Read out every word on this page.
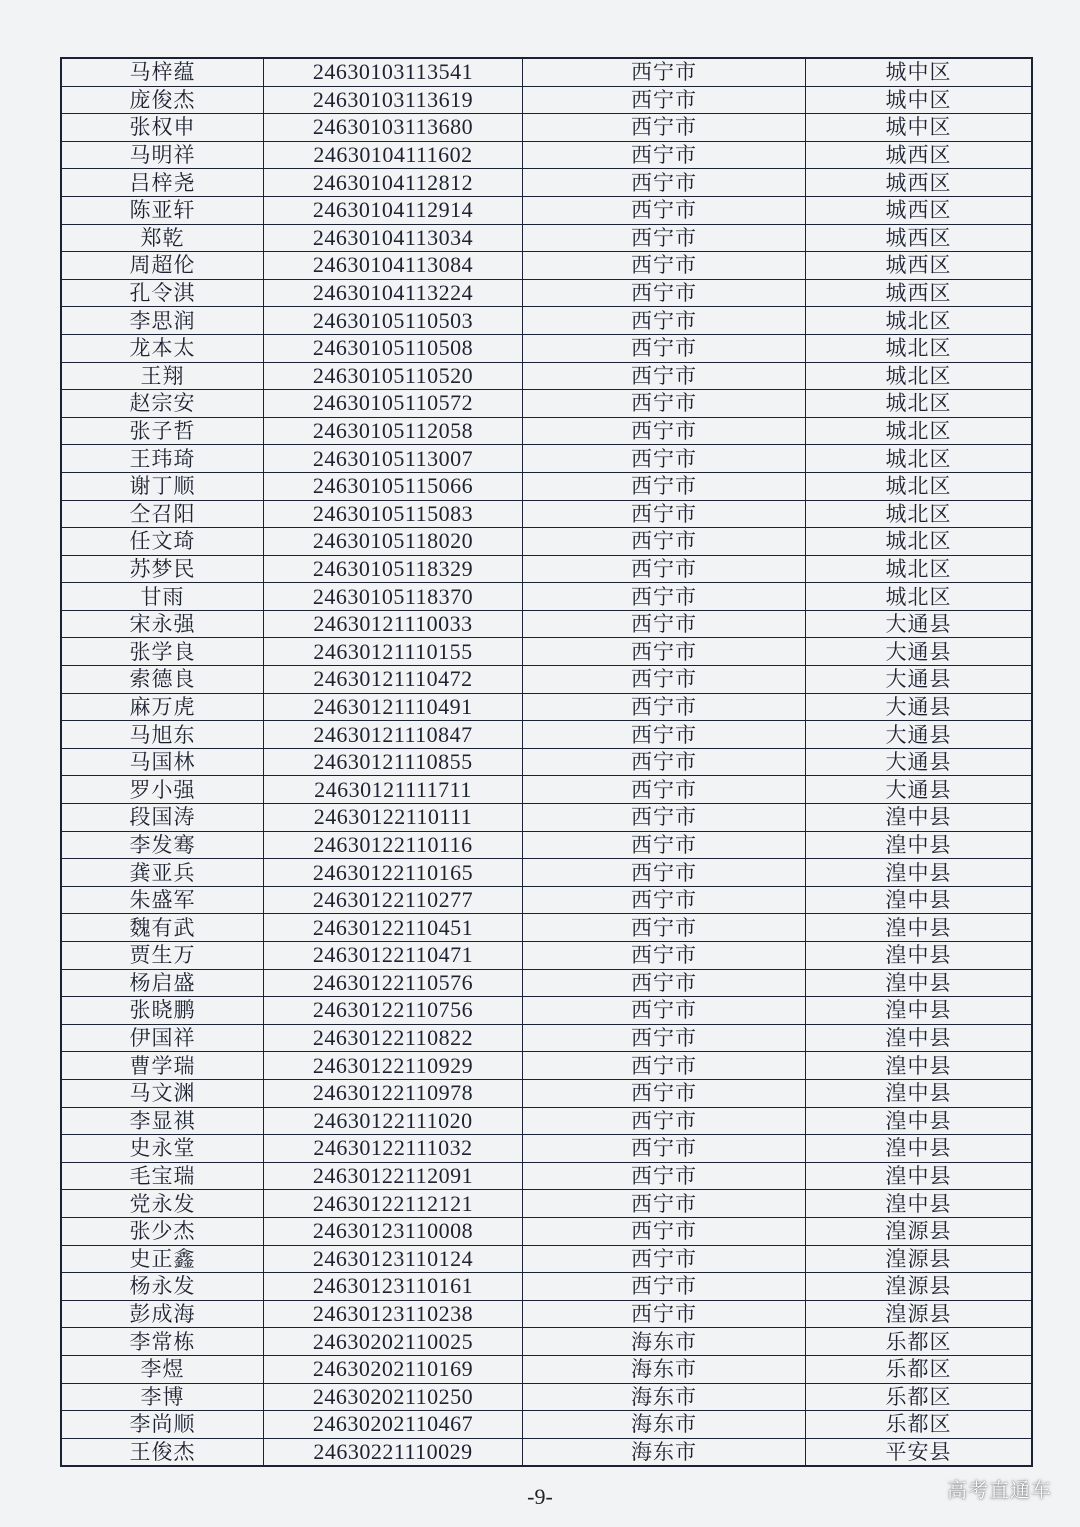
马梓蕴	24630103113541	西宁市	城中区
庞俊杰	24630103113619	西宁市	城中区
张权申	24630103113680	西宁市	城中区
马明祥	24630104111602	西宁市	城西区
吕梓尧	24630104112812	西宁市	城西区
陈亚轩	24630104112914	西宁市	城西区
郑乾	24630104113034	西宁市	城西区
周超伦	24630104113084	西宁市	城西区
孔令淇	24630104113224	西宁市	城西区
李思润	24630105110503	西宁市	城北区
龙本太	24630105110508	西宁市	城北区
王翔	24630105110520	西宁市	城北区
赵宗安	24630105110572	西宁市	城北区
张子哲	24630105112058	西宁市	城北区
王玮琦	24630105113007	西宁市	城北区
谢丁顺	24630105115066	西宁市	城北区
仝召阳	24630105115083	西宁市	城北区
任文琦	24630105118020	西宁市	城北区
苏梦民	24630105118329	西宁市	城北区
甘雨	24630105118370	西宁市	城北区
宋永强	24630121110033	西宁市	大通县
张学良	24630121110155	西宁市	大通县
索德良	24630121110472	西宁市	大通县
麻万虎	24630121110491	西宁市	大通县
马旭东	24630121110847	西宁市	大通县
马国林	24630121110855	西宁市	大通县
罗小强	24630121111711	西宁市	大通县
段国涛	24630122110111	西宁市	湟中县
李发骞	24630122110116	西宁市	湟中县
龚亚兵	24630122110165	西宁市	湟中县
朱盛军	24630122110277	西宁市	湟中县
魏有武	24630122110451	西宁市	湟中县
贾生万	24630122110471	西宁市	湟中县
杨启盛	24630122110576	西宁市	湟中县
张晓鹏	24630122110756	西宁市	湟中县
伊国祥	24630122110822	西宁市	湟中县
曹学瑞	24630122110929	西宁市	湟中县
马文渊	24630122110978	西宁市	湟中县
李显祺	24630122111020	西宁市	湟中县
史永堂	24630122111032	西宁市	湟中县
毛宝瑞	24630122112091	西宁市	湟中县
党永发	24630122112121	西宁市	湟中县
张少杰	24630123110008	西宁市	湟源县
史正鑫	24630123110124	西宁市	湟源县
杨永发	24630123110161	西宁市	湟源县
彭成海	24630123110238	西宁市	湟源县
李常栋	24630202110025	海东市	乐都区
李煜	24630202110169	海东市	乐都区
李博	24630202110250	海东市	乐都区
李尚顺	24630202110467	海东市	乐都区
王俊杰	24630221110029	海东市	平安县
-9-	高考直通车
